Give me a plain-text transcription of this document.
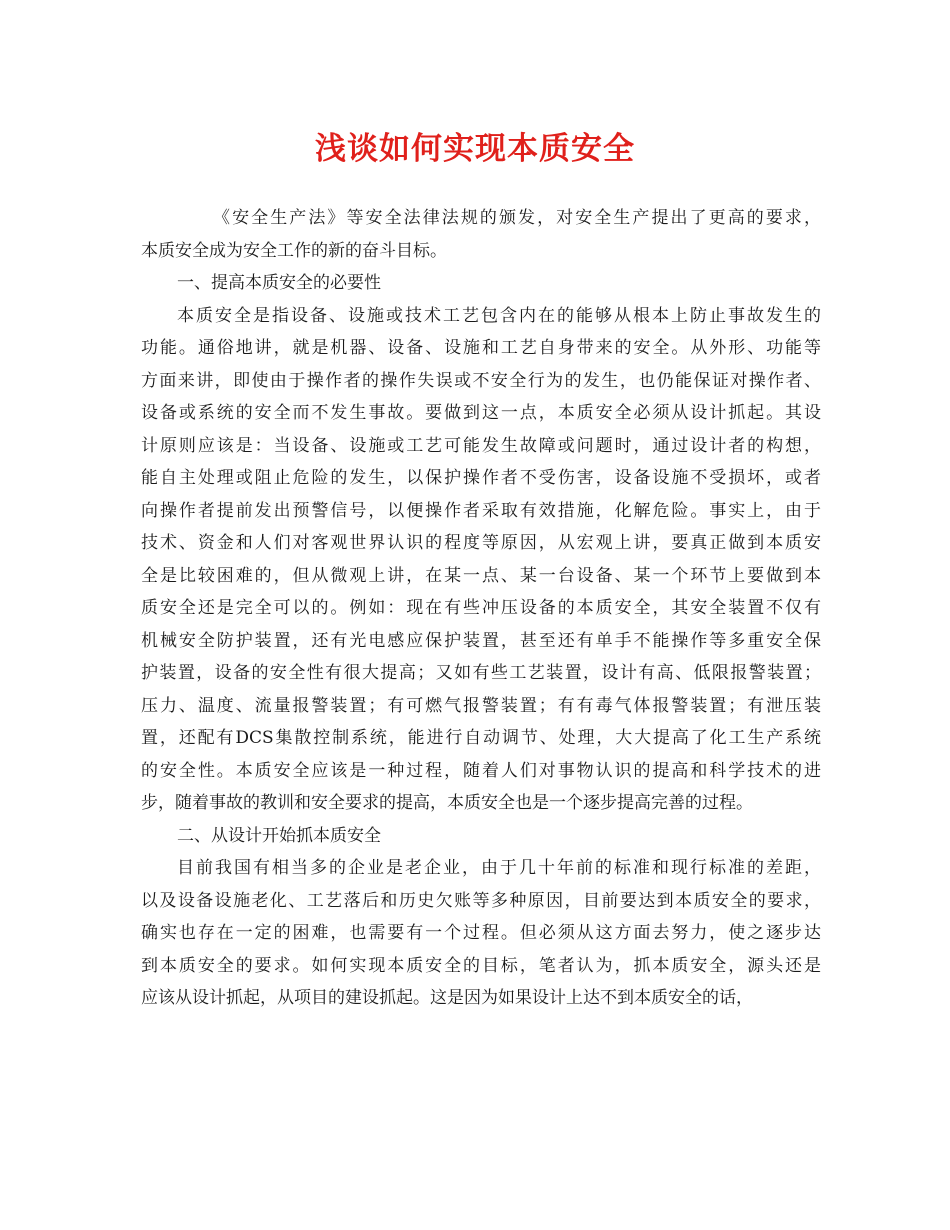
浅谈如何实现本质安全
《安全生产法》等安全法律法规的颁发，对安全生产提出了更高的要求，
本质安全成为安全工作的新的奋斗目标。
一、提高本质安全的必要性
本质安全是指设备、设施或技术工艺包含内在的能够从根本上防止事故发生的
功能。通俗地讲，就是机器、设备、设施和工艺自身带来的安全。从外形、功能等
方面来讲，即使由于操作者的操作失误或不安全行为的发生，也仍能保证对操作者、
设备或系统的安全而不发生事故。要做到这一点，本质安全必须从设计抓起。其设
计原则应该是：当设备、设施或工艺可能发生故障或问题时，通过设计者的构想，
能自主处理或阻止危险的发生，以保护操作者不受伤害，设备设施不受损坏，或者
向操作者提前发出预警信号，以便操作者采取有效措施，化解危险。事实上，由于
技术、资金和人们对客观世界认识的程度等原因，从宏观上讲，要真正做到本质安
全是比较困难的，但从微观上讲，在某一点、某一台设备、某一个环节上要做到本
质安全还是完全可以的。例如：现在有些冲压设备的本质安全，其安全装置不仅有
机械安全防护装置，还有光电感应保护装置，甚至还有单手不能操作等多重安全保
护装置，设备的安全性有很大提高；又如有些工艺装置，设计有高、低限报警装置；
压力、温度、流量报警装置；有可燃气报警装置；有有毒气体报警装置；有泄压装
置，还配有DCS集散控制系统，能进行自动调节、处理，大大提高了化工生产系统
的安全性。本质安全应该是一种过程，随着人们对事物认识的提高和科学技术的进
步，随着事故的教训和安全要求的提高，本质安全也是一个逐步提高完善的过程。
二、从设计开始抓本质安全
目前我国有相当多的企业是老企业，由于几十年前的标准和现行标准的差距，
以及设备设施老化、工艺落后和历史欠账等多种原因，目前要达到本质安全的要求，
确实也存在一定的困难，也需要有一个过程。但必须从这方面去努力，使之逐步达
到本质安全的要求。如何实现本质安全的目标，笔者认为，抓本质安全，源头还是
应该从设计抓起，从项目的建设抓起。这是因为如果设计上达不到本质安全的话，
